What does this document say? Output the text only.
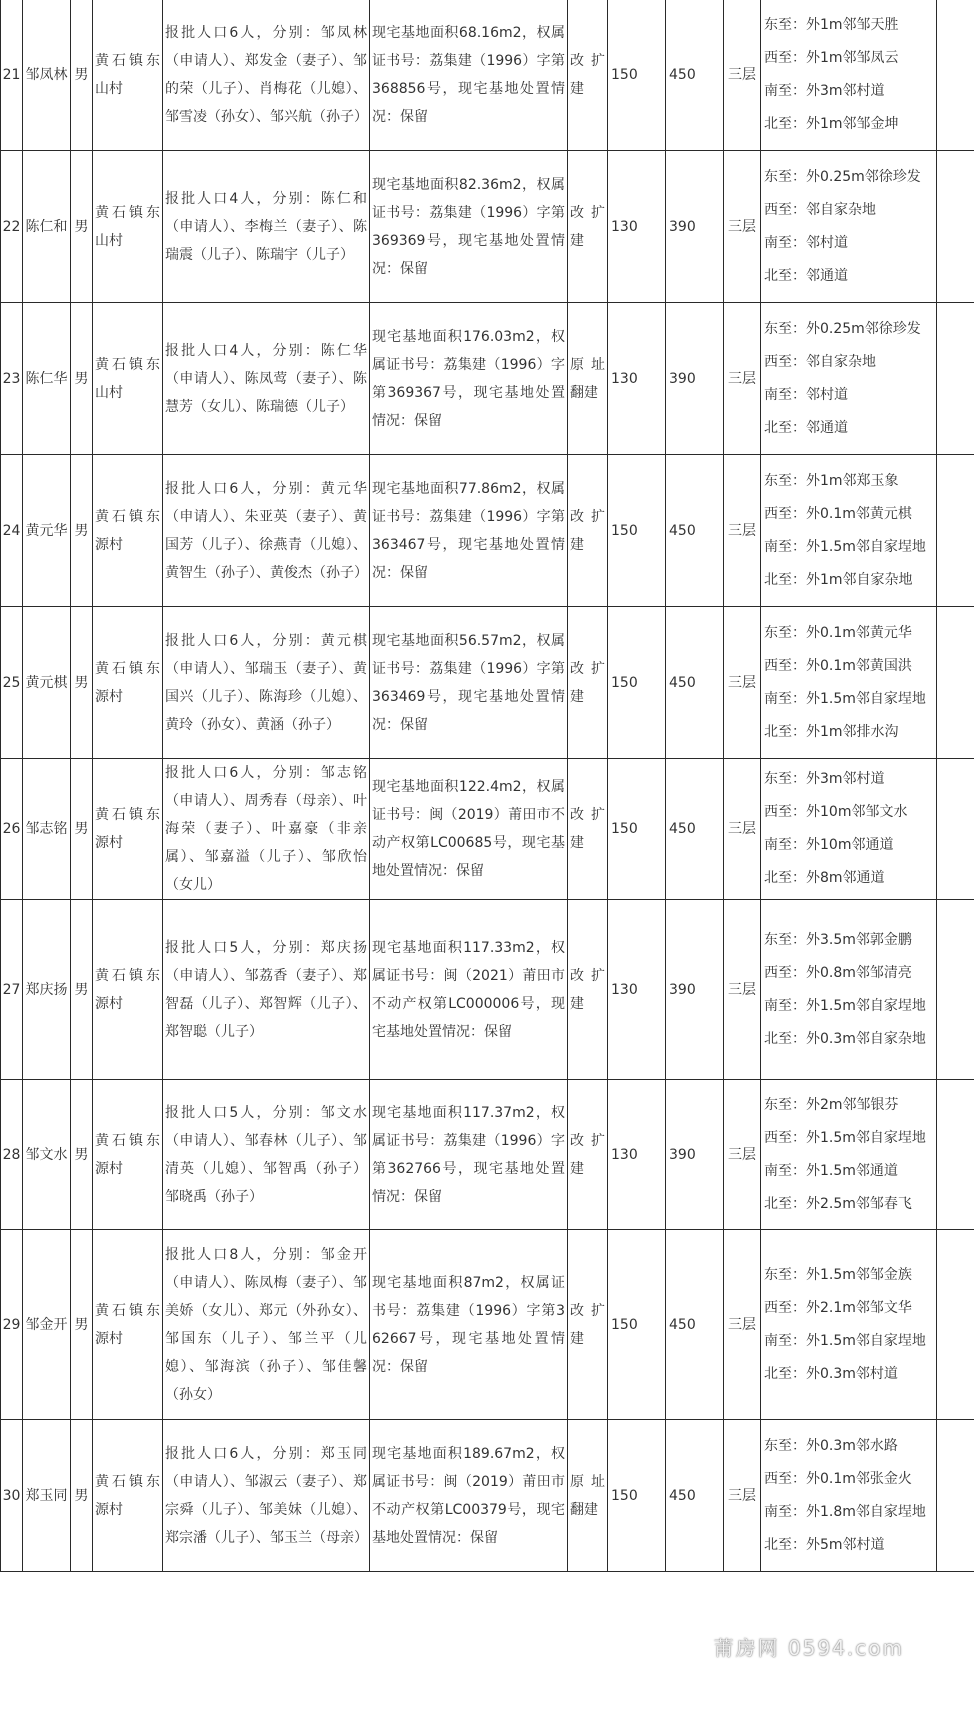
21	邹凤林	男	黄石镇东山村	报批人口6人，分别：邹凤林（申请人）、郑发金（妻子）、邹的荣（儿子）、肖梅花（儿媳）、邹雪凌（孙女）、邹兴航（孙子）	现宅基地面积68.16m2，权属证书号：荔集建（1996）字第368856号，现宅基地处置情况：保留	改扩建	150	450	三层	东至：外1m邻邹天胜
西至：外1m邻邹凤云
南至：外3m邻村道
北至：外1m邻邹金坤	

22	陈仁和	男	黄石镇东山村	报批人口4人，分别：陈仁和（申请人）、李梅兰（妻子）、陈瑞震（儿子）、陈瑞宇（儿子）	现宅基地面积82.36m2，权属证书号：荔集建（1996）字第369369号，现宅基地处置情况：保留	改扩建	130	390	三层	东至：外0.25m邻徐珍发
西至：邻自家杂地
南至：邻村道
北至：邻通道	

23	陈仁华	男	黄石镇东山村	报批人口4人，分别：陈仁华（申请人）、陈凤莺（妻子）、陈慧芳（女儿）、陈瑞德（儿子）	现宅基地面积176.03m2，权属证书号：荔集建（1996）字第369367号，现宅基地处置情况：保留	原址翻建	130	390	三层	东至：外0.25m邻徐珍发
西至：邻自家杂地
南至：邻村道
北至：邻通道	

24	黄元华	男	黄石镇东源村	报批人口6人，分别：黄元华（申请人）、朱亚英（妻子）、黄国芳（儿子）、徐燕青（儿媳）、黄智生（孙子）、黄俊杰（孙子）	现宅基地面积77.86m2，权属证书号：荔集建（1996）字第363467号，现宅基地处置情况：保留	改扩建	150	450	三层	东至：外1m邻郑玉象
西至：外0.1m邻黄元棋
南至：外1.5m邻自家埕地
北至：外1m邻自家杂地	

25	黄元棋	男	黄石镇东源村	报批人口6人，分别：黄元棋（申请人）、邹瑞玉（妻子）、黄国兴（儿子）、陈海珍（儿媳）、黄玲（孙女）、黄涵（孙子）	现宅基地面积56.57m2，权属证书号：荔集建（1996）字第363469号，现宅基地处置情况：保留	改扩建	150	450	三层	东至：外0.1m邻黄元华
西至：外0.1m邻黄国洪
南至：外1.5m邻自家埕地
北至：外1m邻排水沟	

26	邹志铭	男	黄石镇东源村	报批人口6人，分别：邹志铭（申请人）、周秀春（母亲）、叶海荣（妻子）、叶嘉豪（非亲属）、邹嘉溢（儿子）、邹欣怡（女儿）	现宅基地面积122.4m2，权属证书号：闽（2019）莆田市不动产权第LC00685号，现宅基地处置情况：保留	改扩建	150	450	三层	东至：外3m邻村道
西至：外10m邻邹文水
南至：外10m邻通道
北至：外8m邻通道	

27	郑庆扬	男	黄石镇东源村	报批人口5人，分别：郑庆扬（申请人）、邹荔香（妻子）、郑智磊（儿子）、郑智辉（儿子）、郑智聪（儿子）	现宅基地面积117.33m2，权属证书号：闽（2021）莆田市不动产权第LC000006号，现宅基地处置情况：保留	改扩建	130	390	三层	东至：外3.5m邻郭金鹏
西至：外0.8m邻邹清亮
南至：外1.5m邻自家埕地
北至：外0.3m邻自家杂地	

28	邹文水	男	黄石镇东源村	报批人口5人，分别：邹文水（申请人）、邹春林（儿子）、邹清英（儿媳）、邹智禹（孙子）邹晓禹（孙子）	现宅基地面积117.37m2，权属证书号：荔集建（1996）字第362766号，现宅基地处置情况：保留	改扩建	130	390	三层	东至：外2m邻邹银芬
西至：外1.5m邻自家埕地
南至：外1.5m邻通道
北至：外2.5m邻邹春飞	

29	邹金开	男	黄石镇东源村	报批人口8人，分别：邹金开（申请人）、陈凤梅（妻子）、邹美娇（女儿）、郑元（外孙女）、邹国东（儿子）、邹兰平（儿媳）、邹海滨（孙子）、邹佳馨（孙女）	现宅基地面积87m2，权属证书号：荔集建（1996）字第362667号，现宅基地处置情况：保留	改扩建	150	450	三层	东至：外1.5m邻邹金族
西至：外2.1m邻邹文华
南至：外1.5m邻自家埕地
北至：外0.3m邻村道	

30	郑玉同	男	黄石镇东源村	报批人口6人，分别：郑玉同（申请人）、邹淑云（妻子）、郑宗舜（儿子）、邹美妹（儿媳）、郑宗潘（儿子）、邹玉兰（母亲）	现宅基地面积189.67m2，权属证书号：闽（2019）莆田市不动产权第LC00379号，现宅基地处置情况：保留	原址翻建	150	450	三层	东至：外0.3m邻水路
西至：外0.1m邻张金火
南至：外1.8m邻自家埕地
北至：外5m邻村道	

莆房网 0594.com
